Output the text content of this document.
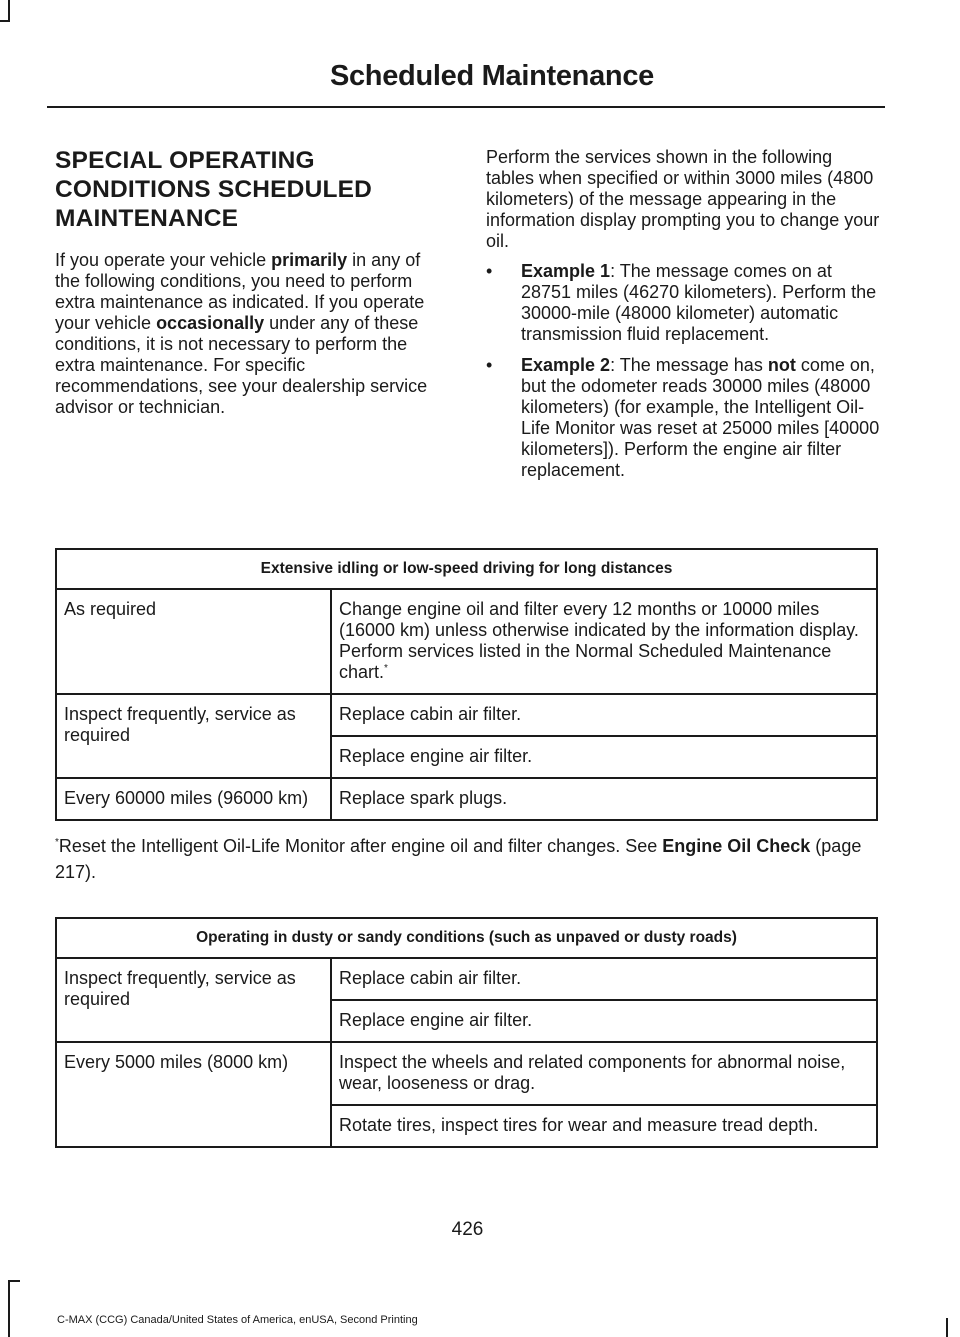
Scheduled Maintenance
SPECIAL OPERATING CONDITIONS SCHEDULED MAINTENANCE

If you operate your vehicle primarily in any of the following conditions, you need to perform extra maintenance as indicated. If you operate your vehicle occasionally under any of these conditions, it is not necessary to perform the extra maintenance. For specific recommendations, see your dealership service advisor or technician.

Perform the services shown in the following tables when specified or within 3000 miles (4800 kilometers) of the message appearing in the information display prompting you to change your oil.

• Example 1: The message comes on at 28751 miles (46270 kilometers). Perform the 30000-mile (48000 kilometer) automatic transmission fluid replacement.
• Example 2: The message has not come on, but the odometer reads 30000 miles (48000 kilometers) (for example, the Intelligent Oil-Life Monitor was reset at 25000 miles [40000 kilometers]). Perform the engine air filter replacement.
Extensive idling or low-speed driving for long distances	
As required	Change engine oil and filter every 12 months or 10000 miles (16000 km) unless otherwise indicated by the information display. Perform services listed in the Normal Scheduled Maintenance chart.*
Inspect frequently, service as required	Replace cabin air filter.
	Replace engine air filter.
Every 60000 miles (96000 km)	Replace spark plugs.
*Reset the Intelligent Oil-Life Monitor after engine oil and filter changes. See Engine Oil Check (page 217).
Operating in dusty or sandy conditions (such as unpaved or dusty roads)	
Inspect frequently, service as required	Replace cabin air filter.
	Replace engine air filter.
Every 5000 miles (8000 km)	Inspect the wheels and related components for abnormal noise, wear, looseness or drag.
	Rotate tires, inspect tires for wear and measure tread depth.
426
C-MAX (CCG) Canada/United States of America, enUSA, Second Printing
